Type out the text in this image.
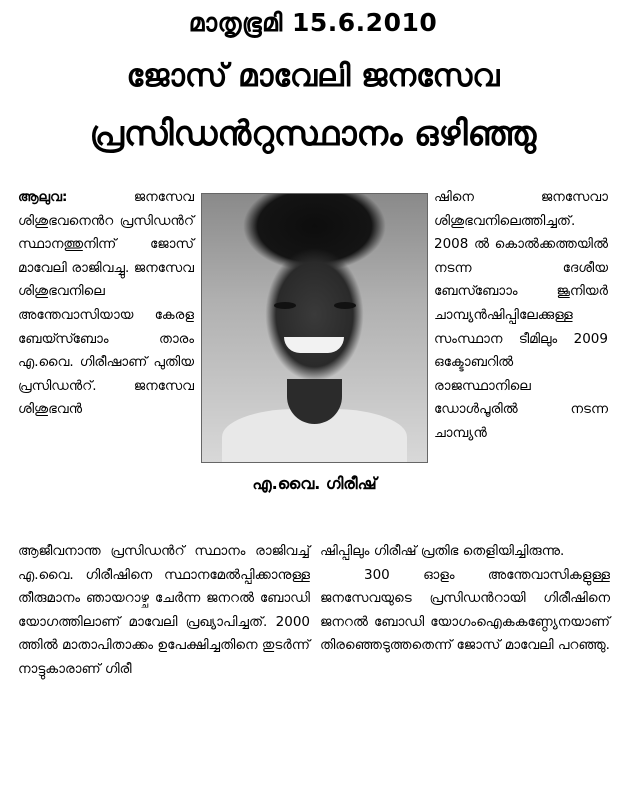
മാതൃഭൂമി 15.6.2010
ജോസ് മാവേലി ജനസേവ
പ്രസിഡൻറുസ്ഥാനം ഒഴിഞ്ഞു

ആലുവ:	ജനസേവ ശിശുഭവനെൻറ പ്രസിഡൻറ് സ്ഥാനത്തുനിന്ന് ജോസ് മാവേലി രാജിവച്ചു. ജനസേവ ശിശുഭവനിലെ അന്തേവാസിയായ കേരള ബേയ്സ്ബോം താരം എ.വൈ. ഗിരീഷാണ് പുതിയ പ്രസിഡൻറ്. ജനസേവ ശിശുഭവൻ

എ.വൈ. ഗിരീഷ്

ഷിനെ ജനസേവാ ശിശുഭവനിലെത്തിച്ചത്. 2008 ൽ കൊൽക്കത്തയിൽ നടന്ന ദേശീയ ബേസ്ബോാം ജൂനിയർ ചാമ്പ്യൻഷിപ്പിലേക്കുള്ള സംസ്ഥാന ടീമിലും 2009 ഒക്ടോബറിൽ രാജസ്ഥാനിലെ ഡോൾപൂരിൽ നടന്ന ചാമ്പ്യൻ

ആജീവനാന്ത പ്രസിഡൻറ് സ്ഥാനം രാജിവച്ച് എ.വൈ. ഗിരീഷിനെ സ്ഥാനമേൽപ്പിക്കാനുള്ള തീരുമാനം ഞായറാഴ്ച ചേർന്ന ജനറൽ ബോഡി യോഗത്തിലാണ് മാവേലി പ്രഖ്യാപിച്ചത്. 2000 ത്തിൽ മാതാപിതാക്കം ഉപേക്ഷിച്ചതിനെ തുടർന്ന് നാട്ടുകാരാണ് ഗിരീ

ഷിപ്പിലും ഗിരീഷ് പ്രതിഭ തെളിയിച്ചിരുന്നു.

300 ഓളം അന്തേവാസികളുള്ള ജനസേവയുടെ പ്രസിഡൻറായി ഗിരീഷിനെ ജനറൽ ബോഡി യോഗംഐകകണ്ഠ്യേനയാണ് തിരഞ്ഞെടുത്തതെന്ന് ജോസ് മാവേലി പറഞ്ഞു.
